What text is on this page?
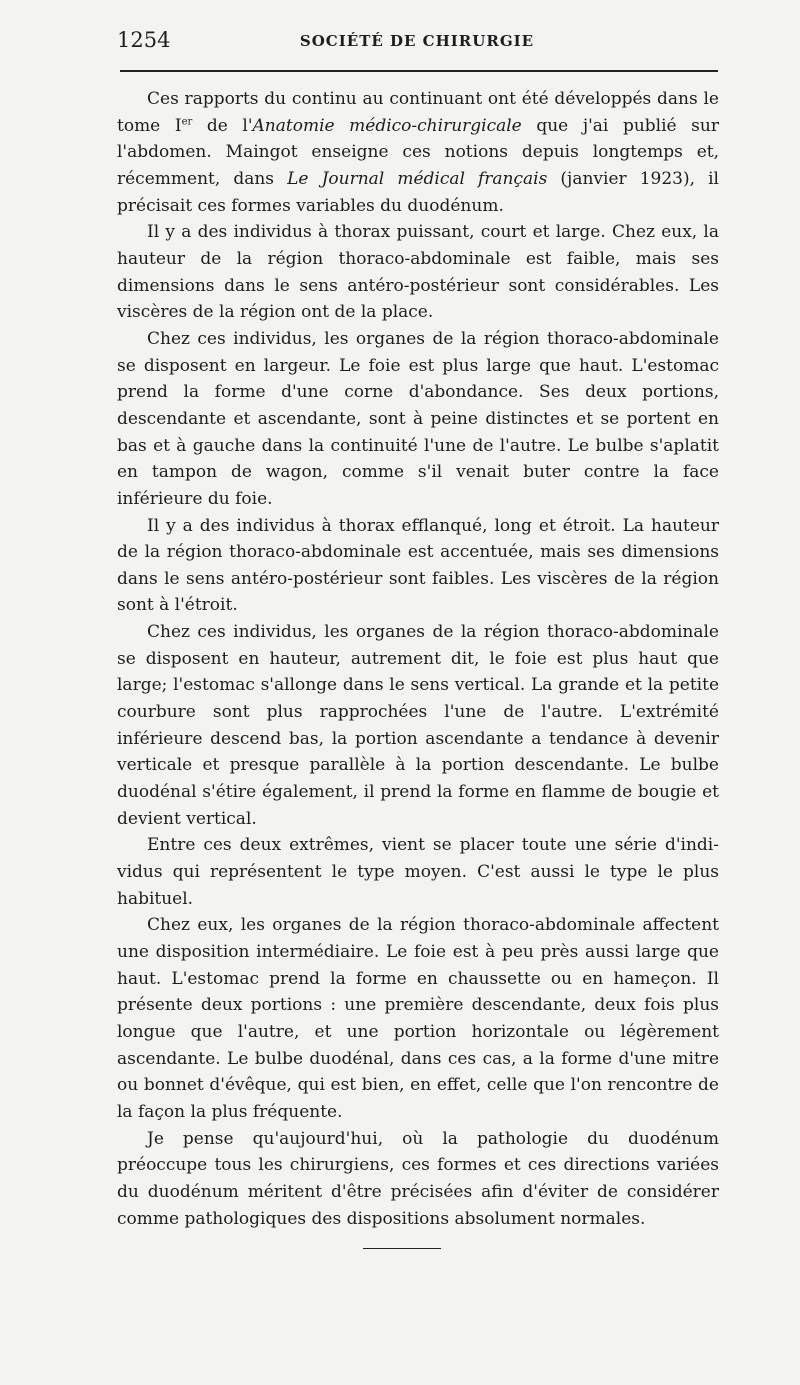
1254	SOCIÉTÉ DE CHIRURGIE

Ces rapports du continu au continuant ont été développés dans le tome Ier de l'Anatomie médico-chirurgicale que j'ai publié sur l'abdomen. Maingot enseigne ces notions depuis longtemps et, récemment, dans Le Journal médical français (janvier 1923), il précisait ces formes variables du duodénum.

Il y a des individus à thorax puissant, court et large. Chez eux, la hauteur de la région thoraco-abdominale est faible, mais ses dimensions dans le sens antéro-postérieur sont considérables. Les viscères de la région ont de la place.

Chez ces individus, les organes de la région thoraco-abdominale se disposent en largeur. Le foie est plus large que haut. L'estomac prend la forme d'une corne d'abondance. Ses deux portions, descendante et ascendante, sont à peine distinctes et se portent en bas et à gauche dans la continuité l'une de l'autre. Le bulbe s'aplatit en tampon de wagon, comme s'il venait buter contre la face inférieure du foie.

Il y a des individus à thorax efflanqué, long et étroit. La hauteur de la région thoraco-abdominale est accentuée, mais ses dimensions dans le sens antéro-postérieur sont faibles. Les viscères de la région sont à l'étroit.

Chez ces individus, les organes de la région thoraco-abdominale se disposent en hauteur, autrement dit, le foie est plus haut que large; l'estomac s'allonge dans le sens vertical. La grande et la petite courbure sont plus rapprochées l'une de l'autre. L'extrémité inférieure descend bas, la portion ascendante a tendance à devenir verticale et presque parallèle à la portion descendante. Le bulbe duodénal s'étire également, il prend la forme en flamme de bougie et devient vertical.

Entre ces deux extrêmes, vient se placer toute une série d'individus qui représentent le type moyen. C'est aussi le type le plus habituel.

Chez eux, les organes de la région thoraco-abdominale affectent une disposition intermédiaire. Le foie est à peu près aussi large que haut. L'estomac prend la forme en chaussette ou en hameçon. Il présente deux portions : une première descendante, deux fois plus longue que l'autre, et une portion horizontale ou légèrement ascendante. Le bulbe duodénal, dans ces cas, a la forme d'une mitre ou bonnet d'évêque, qui est bien, en effet, celle que l'on rencontre de la façon la plus fréquente.

Je pense qu'aujourd'hui, où la pathologie du duodénum préoccupe tous les chirurgiens, ces formes et ces directions variées du duodénum méritent d'être précisées afin d'éviter de considérer comme pathologiques des dispositions absolument normales.
